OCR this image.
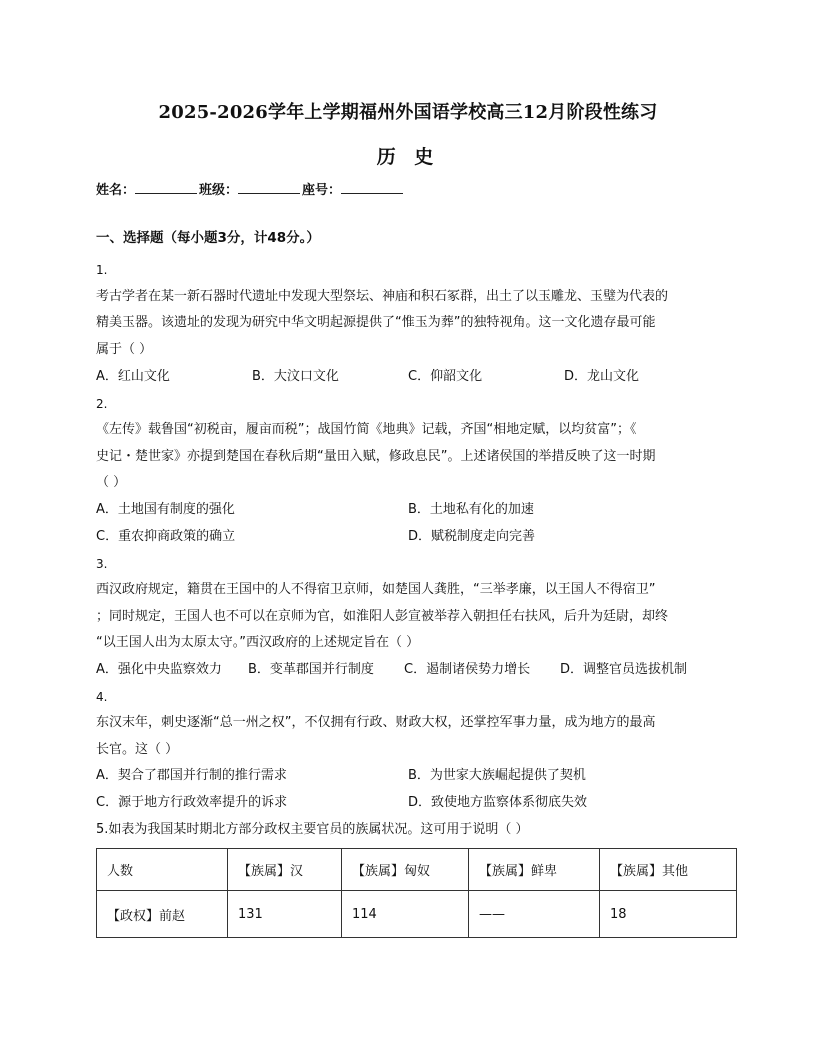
2025-2026学年上学期福州外国语学校高三12月阶段性练习
历 史
姓名：	班级：	座号：
一、选择题（每小题3分，计48分。）
1.
考古学者在某一新石器时代遗址中发现大型祭坛、神庙和积石冢群，出土了以玉雕龙、玉璧为代表的
精美玉器。该遗址的发现为研究中华文明起源提供了“惟玉为葬”的独特视角。这一文化遗存最可能
属于（ ）
A．红山文化	B．大汶口文化	C．仰韶文化	D．龙山文化
2.
《左传》载鲁国“初税亩，履亩而税”；战国竹简《地典》记载，齐国“相地定赋，以均贫富”；《
史记・楚世家》亦提到楚国在春秋后期“量田入赋，修政息民”。上述诸侯国的举措反映了这一时期
（ ）
A．土地国有制度的强化	B．土地私有化的加速
C．重农抑商政策的确立	D．赋税制度走向完善
3.
西汉政府规定，籍贯在王国中的人不得宿卫京师，如楚国人龚胜，“三举孝廉，以王国人不得宿卫”
；同时规定，王国人也不可以在京师为官，如淮阳人彭宣被举荐入朝担任右扶风，后升为廷尉，却终
“以王国人出为太原太守。”西汉政府的上述规定旨在（ ）
A．强化中央监察效力 B．变革郡国并行制度 C．遏制诸侯势力增长 D．调整官员选拔机制
4.
东汉末年，刺史逐渐“总一州之权”，不仅拥有行政、财政大权，还掌控军事力量，成为地方的最高
长官。这（ ）
A．契合了郡国并行制的推行需求	B．为世家大族崛起提供了契机
C．源于地方行政效率提升的诉求	D．致使地方监察体系彻底失效
5.如表为我国某时期北方部分政权主要官员的族属状况。这可用于说明（ ）
人数	【族属】汉	【族属】匈奴	【族属】鲜卑	【族属】其他
【政权】前赵	131	114	——	18
